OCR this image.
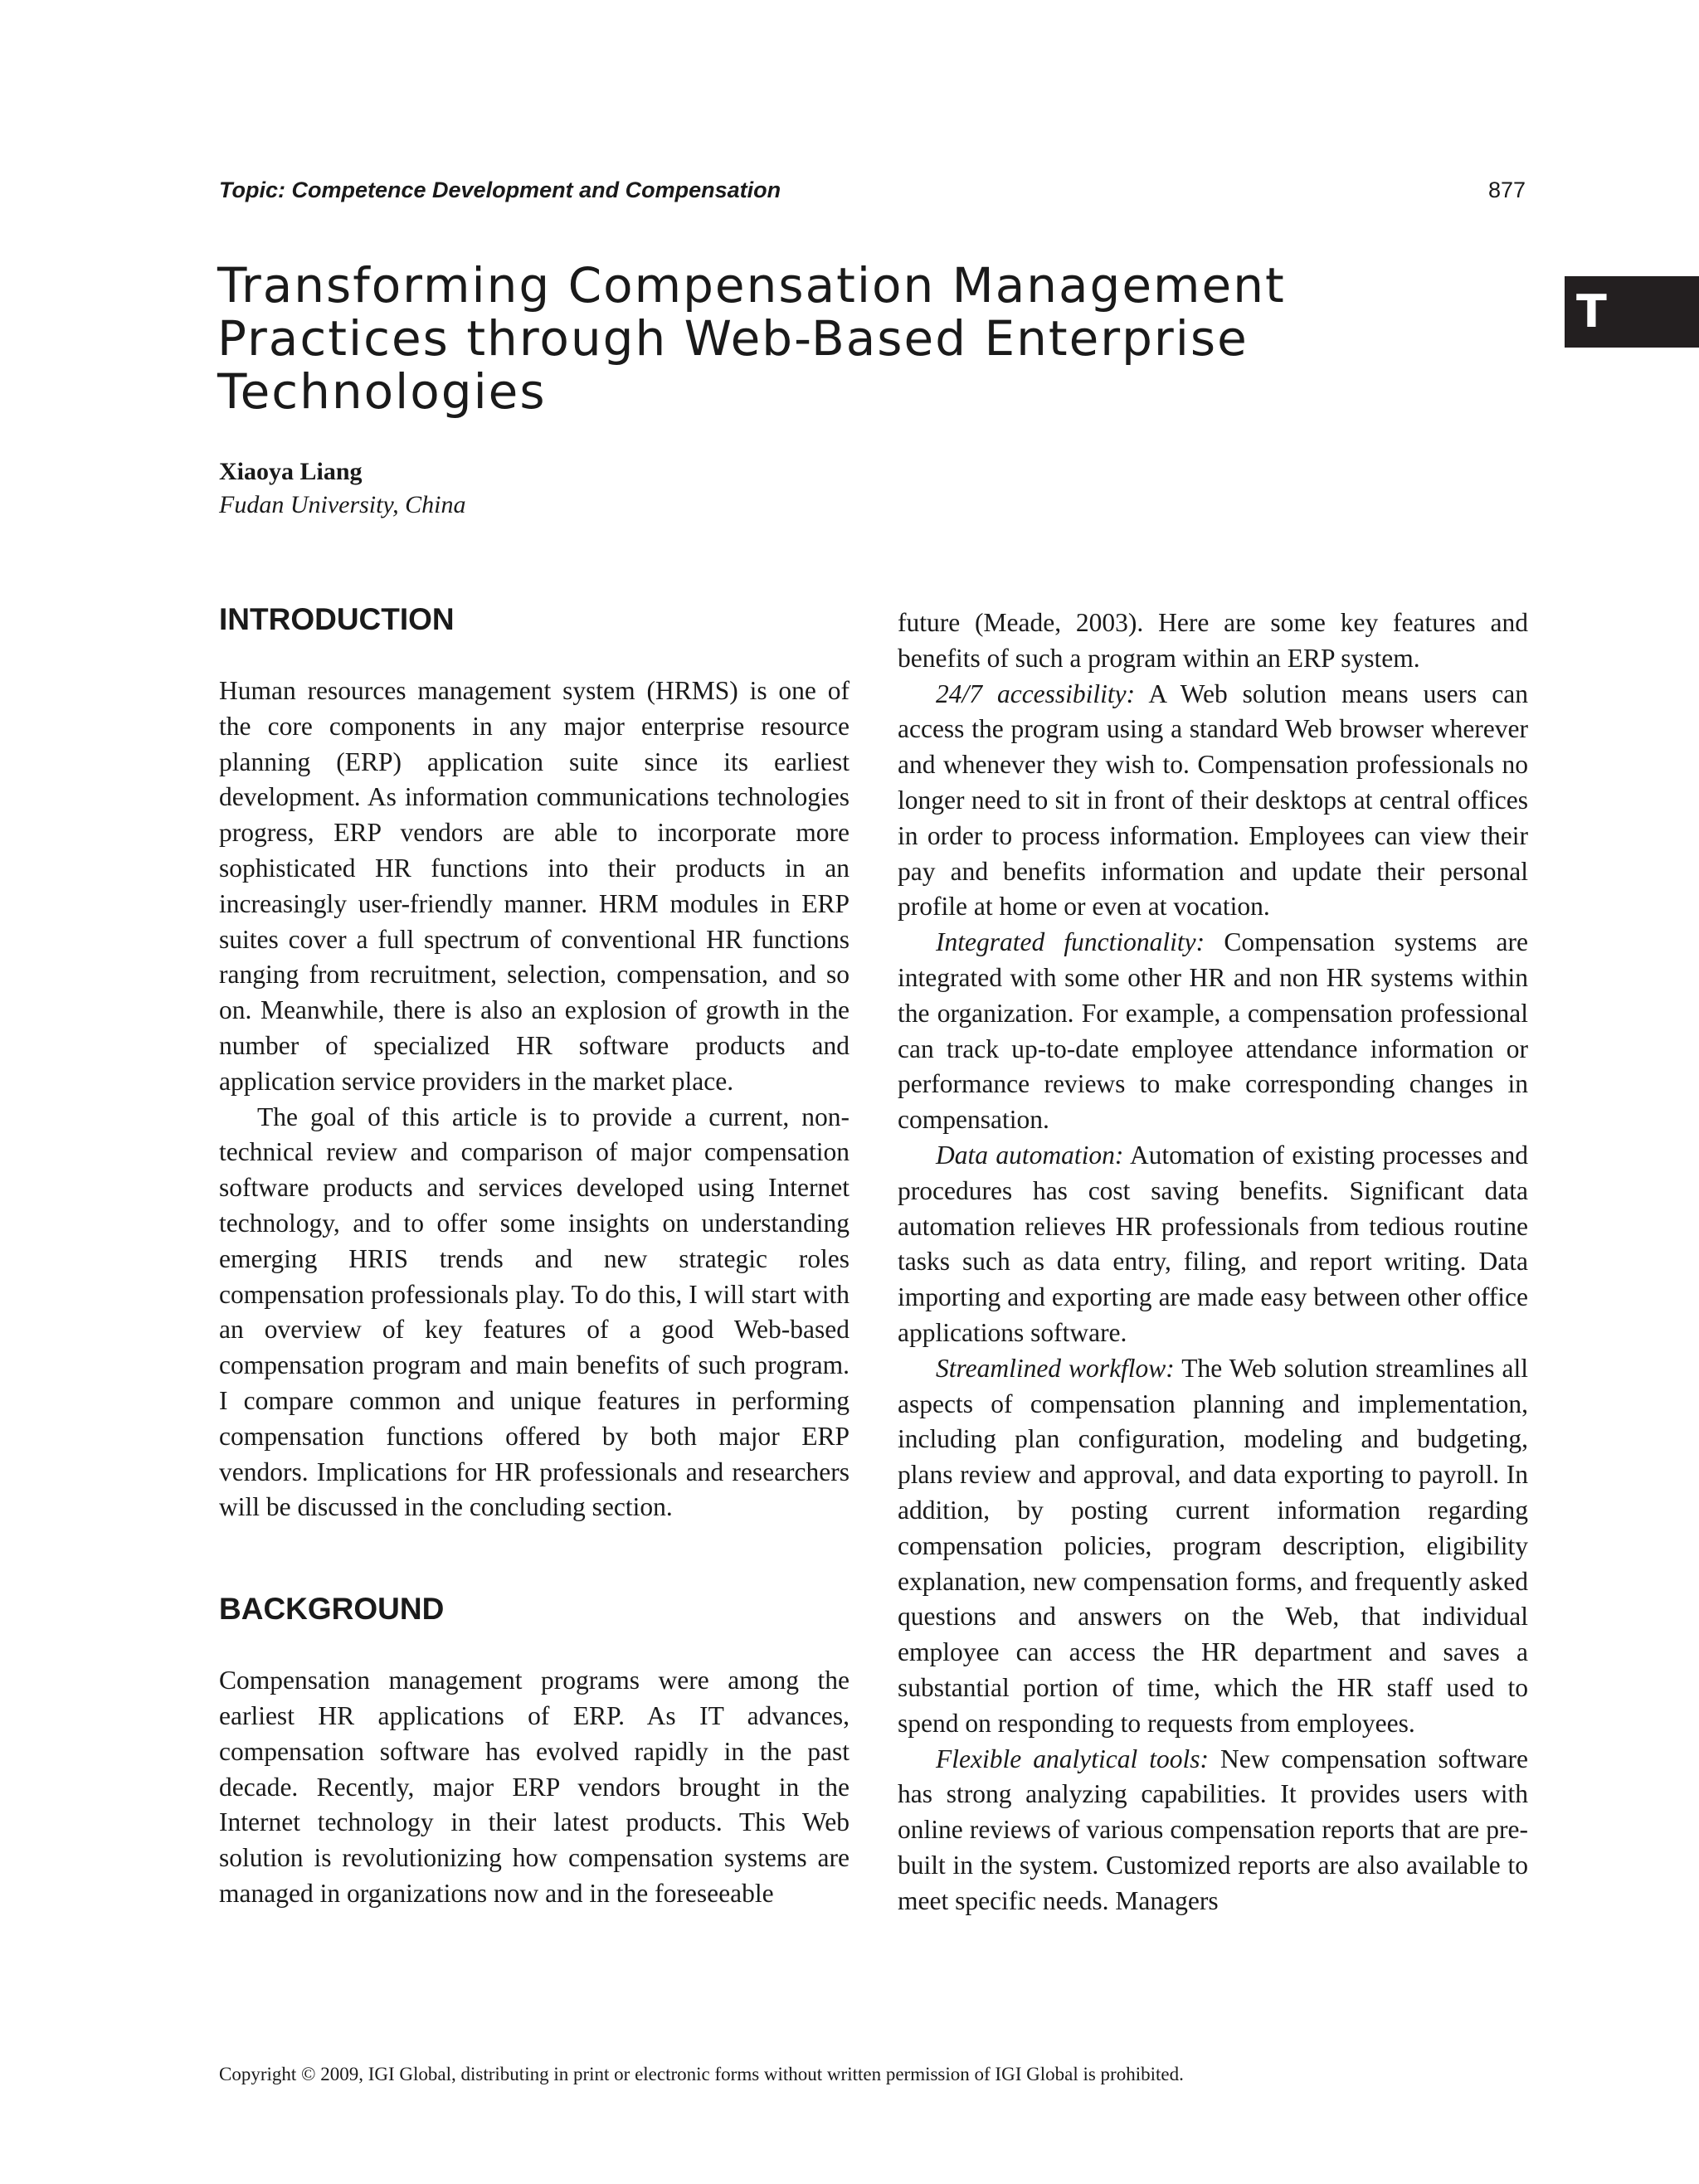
Topic: Competence Development and Compensation	877
T
Transforming Compensation Management
Practices through Web-Based Enterprise
Technologies
Xiaoya Liang
Fudan University, China
INTRODUCTION

Human resources management system (HRMS) is one of the core components in any major enterprise resource planning (ERP) application suite since its earliest development. As information communications technologies progress, ERP vendors are able to incorporate more sophisticated HR functions into their products in an increasingly user-friendly manner. HRM modules in ERP suites cover a full spectrum of conventional HR functions ranging from recruitment, selection, compensation, and so on. Meanwhile, there is also an explosion of growth in the number of specialized HR software products and application service providers in the market place.

The goal of this article is to provide a current, non-technical review and comparison of major compensation software products and services developed using Internet technology, and to offer some insights on understanding emerging HRIS trends and new strategic roles compensation professionals play. To do this, I will start with an overview of key features of a good Web-based compensation program and main benefits of such program. I compare common and unique features in performing compensation functions offered by both major ERP vendors. Implications for HR professionals and researchers will be discussed in the concluding section.

BACKGROUND

Compensation management programs were among the earliest HR applications of ERP. As IT advances, compensation software has evolved rapidly in the past decade. Recently, major ERP vendors brought in the Internet technology in their latest products. This Web solution is revolutionizing how compensation systems are managed in organizations now and in the foreseeable

future (Meade, 2003). Here are some key features and benefits of such a program within an ERP system.

24/7 accessibility: A Web solution means users can access the program using a standard Web browser wherever and whenever they wish to. Compensation professionals no longer need to sit in front of their desktops at central offices in order to process information. Employees can view their pay and benefits information and update their personal profile at home or even at vocation.

Integrated functionality: Compensation systems are integrated with some other HR and non HR systems within the organization. For example, a compensation professional can track up-to-date employee attendance information or performance reviews to make corresponding changes in compensation.

Data automation: Automation of existing processes and procedures has cost saving benefits. Significant data automation relieves HR professionals from tedious routine tasks such as data entry, filing, and report writing. Data importing and exporting are made easy between other office applications software.

Streamlined workflow: The Web solution streamlines all aspects of compensation planning and implementation, including plan configuration, modeling and budgeting, plans review and approval, and data exporting to payroll. In addition, by posting current information regarding compensation policies, program description, eligibility explanation, new compensation forms, and frequently asked questions and answers on the Web, that individual employee can access the HR department and saves a substantial portion of time, which the HR staff used to spend on responding to requests from employees.

Flexible analytical tools: New compensation software has strong analyzing capabilities. It provides users with online reviews of various compensation reports that are pre-built in the system. Customized reports are also available to meet specific needs. Managers

Copyright © 2009, IGI Global, distributing in print or electronic forms without written permission of IGI Global is prohibited.
